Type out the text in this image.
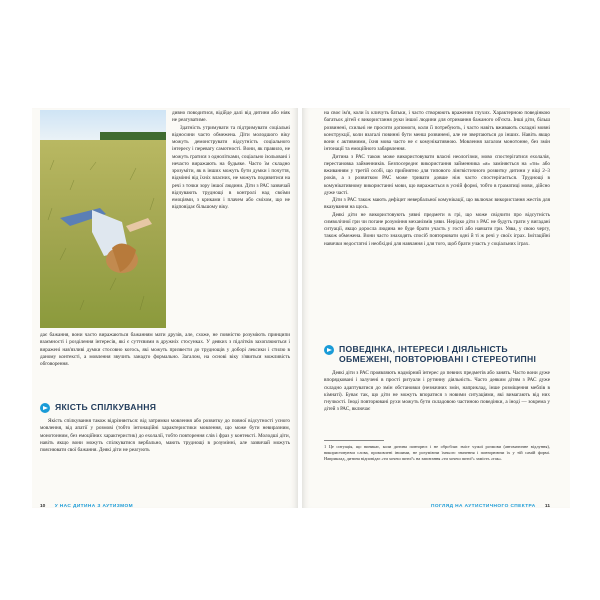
дивно поводитися, відійде далі від дитини або ніяк не реагуватиме.

Здатність утримувати та підтримувати соціальні відносини часто обмежена. Діти молодшого віку можуть демонструвати відсутність соціального інтересу і перевагу самотності. Вони, як правило, не можуть гратися з однолітками, соціально ізольовані і нечасто виражають на будьяке. Часто їм складно зрозуміти, як в інших можуть бути думки і почуття, відмінні від їхніх власних, не можуть подивитися на речі з точки зору іншої людини. Діти з РАС зазвичай відчувають труднощі в контролі над своїми емоціями, з криками і плачем або сміхом, що не відповідає більшому віку.

дає бажання, вони часто виражаються бажанням мати друзів, але, схоже, не повністю розуміють принципи взаємності і розділення інтересів, які є суттєвими в дружніх стосунках. У деяких з підлітків захоплюються і виражені нав'язливі думки стосовно когось, які можуть призвести до труднощів у доборі лексики і стилю в даному контексті, а мовлення звучить занадто формально. Загалом, на основі віку з'явиться можливість обговорення.

ЯКІСТЬ СПІЛКУВАННЯ

Якість спілкування також відрізняється: від затримки мовлення або розвитку до повної відсутності усного мовлення, від апатії у розмові (тобто інтонаційні характеристики мовлення, що може бути невиразним, монотонним, без емоційних характеристик) до ехолалії, тобто повторення слів і фраз у контексті. Молодші діти, навіть якщо вони можуть спілкуватися вербально, мають труднощі в розумінні, але зазвичай можуть пояснювати свої бажання. Деякі діти не реагують

10 У НАС ДИТИНА З АУТИЗМОМ

на своє ім'я, коли їх кличуть батьки, і часто створюють враження глухих. Характерною поведінкою багатьох дітей є використання руки іншої людини для отримання бажаного об'єкта. Інші діти, більш розвинені, схильні не просити допомоги, коли її потребують, і часто навіть вживають складні мовні конструкції, коли взагалі повинні бути менш розвинені, але не звертаються до інших. Навіть якщо вони є активними, їхня мова часто не є комунікативною. Мовлення загалом монотонне, без змін інтонації та емоційного забарвлення.

Дитина з РАС також може використовувати власні неологізми, мово спостерігатися ехолалія, перестановка займенників. Безпосереднє використання займенника «я» заміняється на «ти» або вживанням у третій особі, що прийнятно для типового лінгвістичного розвитку дитини у віці 2–3 років, а з розвитком РАС може тривати довше ніж часто спостерігається. Труднощі в комунікативному використанні мови, що виражається в усній формі, тобто в граматиці мови, дійсно дуже часті.

Діти з РАС також мають дефіцит невербальної комунікації, що включає використання жестів для вказування на щось.

Деякі діти не використовують уявні предмети в грі, що може свідчити про відсутність символічної гри чи погане розуміння механізмів уяви. Нерідко діти з РАС не будуть грати у вигадані ситуації, якщо доросла людина не буде брати участь у гості або навчати гри. Уява, у свою чергу, також обмежена. Вони часто знаходять спосіб повторювати одні й ті ж речі у своїх іграх. Імітаційні навички недостатні і необхідні для навчання і для того, щоб брати участь у соціальних іграх.

ПОВЕДІНКА, ІНТЕРЕСИ І ДІЯЛЬНІСТЬ ОБМЕЖЕНІ, ПОВТОРЮВАНІ І СТЕРЕОТИПНІ

Деякі діти з РАС проявляють надмірний інтерес до певних предметів або занять. Часто вони дуже впорядковані і залучені в прості ритуали і рутинну діяльність. Часто деяким дітям з РАС дуже складно адаптуватися до змін обстановки (незначних змін, наприклад, інше розміщення меблів в кімнаті). Буває так, що діти не можуть впоратися з новими ситуаціями, які вимагають від них гнучкості. Іноді повторювані рухи можуть бути складовою частиною поведінки, а іноді — зокрема у дітей з РАС, включає

1 Це ситуація, що виникає, коли дитина повторює і не обробляє зміст чужої розмови (автоматичне відлуння), використовуючи слова, промовлені іншими, не розуміючи їхнього значення і повторюючи їх у тій самій формі. Наприклад, дитина відповідає «ти хочеш пити?» на запитання «ти хочеш пити?» замість «так».
ПОГЛЯД НА АУТИСТИЧНОГО СПЕКТРА 11
